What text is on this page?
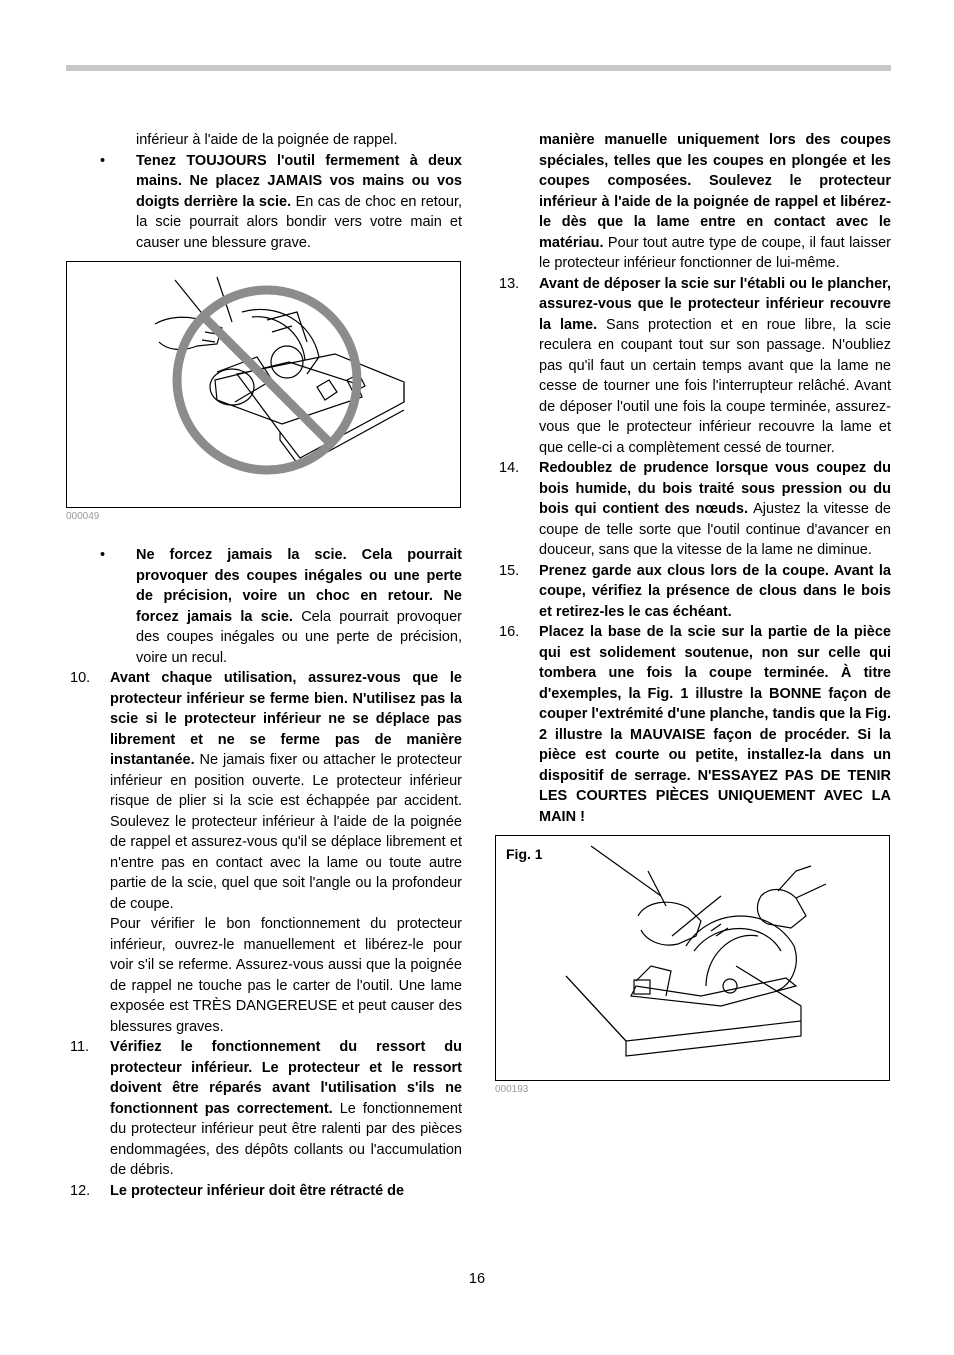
inférieur à l'aide de la poignée de rappel.

• Tenez TOUJOURS l'outil fermement à deux mains. Ne placez JAMAIS vos mains ou vos doigts derrière la scie. En cas de choc en retour, la scie pourrait alors bondir vers votre main et causer une blessure grave.
000049
• Ne forcez jamais la scie. Cela pourrait provoquer des coupes inégales ou une perte de précision, voire un choc en retour. Ne forcez jamais la scie. Cela pourrait provoquer des coupes inégales ou une perte de précision, voire un recul.
10. Avant chaque utilisation, assurez-vous que le protecteur inférieur se ferme bien. N'utilisez pas la scie si le protecteur inférieur ne se déplace pas librement et ne se ferme pas de manière instantanée. Ne jamais fixer ou attacher le protecteur inférieur en position ouverte. Le protecteur inférieur risque de plier si la scie est échappée par accident. Soulevez le protecteur inférieur à l'aide de la poignée de rappel et assurez-vous qu'il se déplace librement et n'entre pas en contact avec la lame ou toute autre partie de la scie, quel que soit l'angle ou la profondeur de coupe.

Pour vérifier le bon fonctionnement du protecteur inférieur, ouvrez-le manuellement et libérez-le pour voir s'il se referme. Assurez-vous aussi que la poignée de rappel ne touche pas le carter de l'outil. Une lame exposée est TRÈS DANGEREUSE et peut causer des blessures graves.

11. Vérifiez le fonctionnement du ressort du protecteur inférieur. Le protecteur et le ressort doivent être réparés avant l'utilisation s'ils ne fonctionnent pas correctement. Le fonctionnement du protecteur inférieur peut être ralenti par des pièces endommagées, des dépôts collants ou l'accumulation de débris.
12. Le protecteur inférieur doit être rétracté de

manière manuelle uniquement lors des coupes spéciales, telles que les coupes en plongée et les coupes composées. Soulevez le protecteur inférieur à l'aide de la poignée de rappel et libérez-le dès que la lame entre en contact avec le matériau. Pour tout autre type de coupe, il faut laisser le protecteur inférieur fonctionner de lui-même.

13. Avant de déposer la scie sur l'établi ou le plancher, assurez-vous que le protecteur inférieur recouvre la lame. Sans protection et en roue libre, la scie reculera en coupant tout sur son passage. N'oubliez pas qu'il faut un certain temps avant que la lame ne cesse de tourner une fois l'interrupteur relâché. Avant de déposer l'outil une fois la coupe terminée, assurez-vous que le protecteur inférieur recouvre la lame et que celle-ci a complètement cessé de tourner.
14. Redoublez de prudence lorsque vous coupez du bois humide, du bois traité sous pression ou du bois qui contient des nœuds. Ajustez la vitesse de coupe de telle sorte que l'outil continue d'avancer en douceur, sans que la vitesse de la lame ne diminue.
15. Prenez garde aux clous lors de la coupe. Avant la coupe, vérifiez la présence de clous dans le bois et retirez-les le cas échéant.
16. Placez la base de la scie sur la partie de la pièce qui est solidement soutenue, non sur celle qui tombera une fois la coupe terminée. À titre d'exemples, la Fig. 1 illustre la BONNE façon de couper l'extrémité d'une planche, tandis que la Fig. 2 illustre la MAUVAISE façon de procéder. Si la pièce est courte ou petite, installez-la dans un dispositif de serrage. N'ESSAYEZ PAS DE TENIR LES COURTES PIÈCES UNIQUEMENT AVEC LA MAIN !
Fig. 1
000193
16
